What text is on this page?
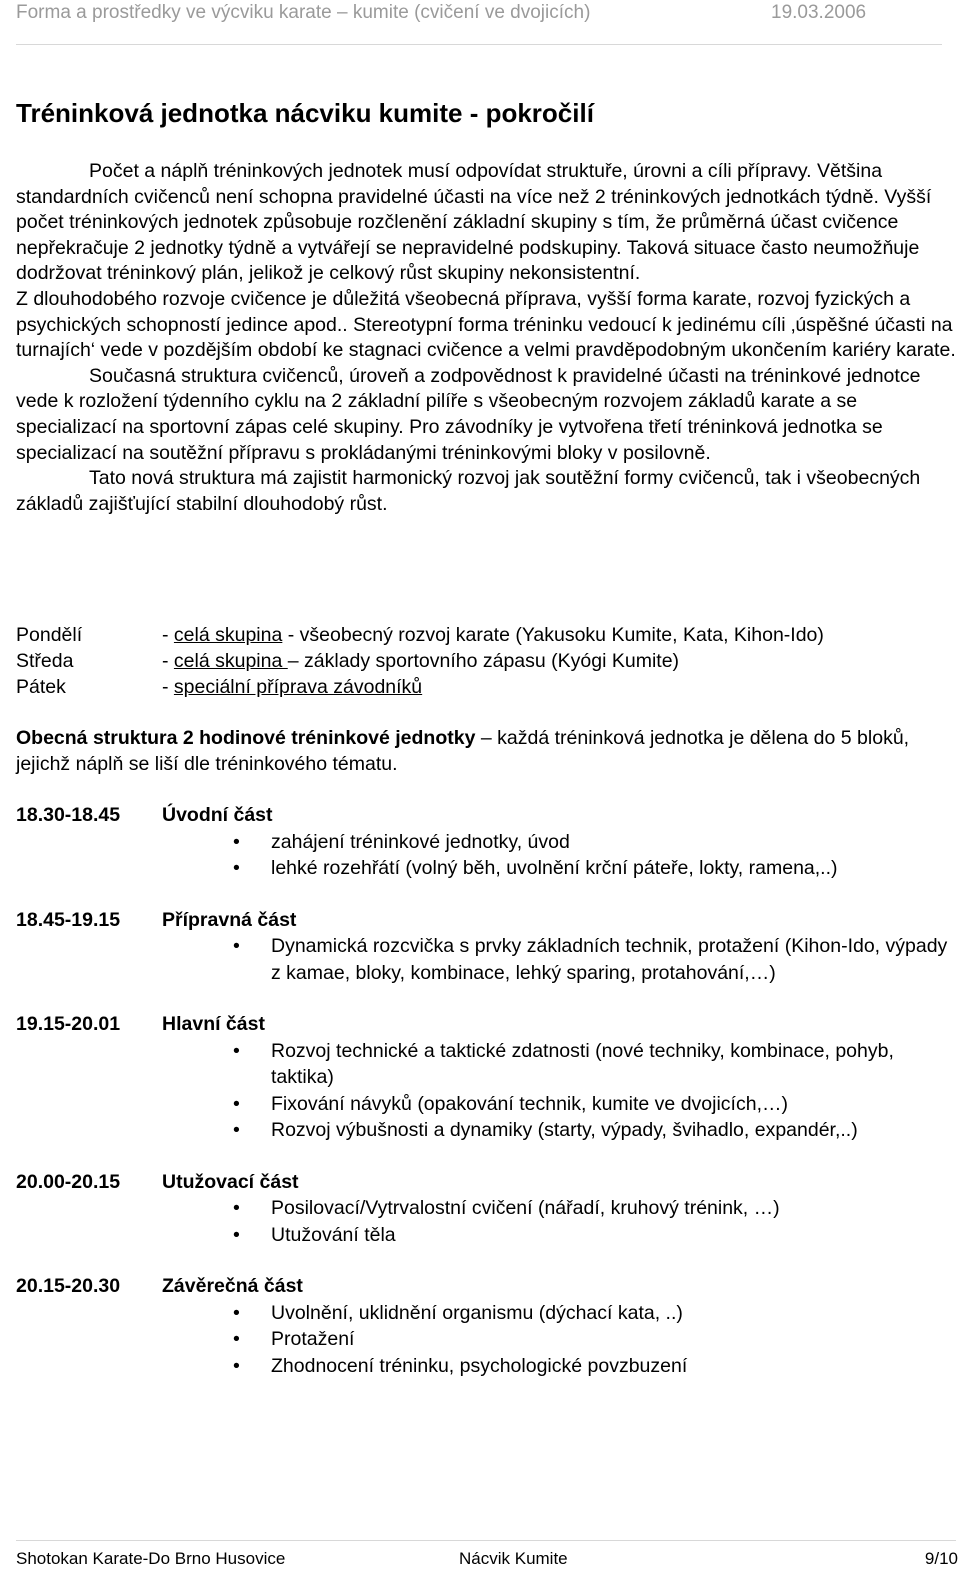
Forma a prostředky ve výcviku karate – kumite (cvičení ve dvojicích)	19.03.2006
Tréninková jednotka nácviku kumite - pokročilí

Počet a náplň tréninkových jednotek musí odpovídat struktuře, úrovni a cíli přípravy. Většina standardních cvičenců není schopna pravidelné účasti na více než 2 tréninkových jednotkách týdně. Vyšší počet tréninkových jednotek způsobuje rozčlenění základní skupiny s tím, že průměrná účast cvičence nepřekračuje 2 jednotky týdně a vytvářejí se nepravidelné podskupiny. Taková situace často neumožňuje dodržovat tréninkový plán, jelikož je celkový růst skupiny nekonsistentní.

Z dlouhodobého rozvoje cvičence je důležitá všeobecná příprava, vyšší forma karate, rozvoj fyzických a psychických schopností jedince apod.. Stereotypní forma tréninku vedoucí k jedinému cíli ‚úspěšné účasti na turnajích‘ vede v pozdějším období ke stagnaci cvičence a velmi pravděpodobným ukončením kariéry karate.

Současná struktura cvičenců, úroveň a zodpovědnost k pravidelné účasti na tréninkové jednotce vede k rozložení týdenního cyklu na 2 základní pilíře s všeobecným rozvojem základů karate a se specializací na sportovní zápas celé skupiny. Pro závodníky je vytvořena třetí tréninková jednotka se specializací na soutěžní přípravu s prokládanými tréninkovými bloky v posilovně.

Tato nová struktura má zajistit harmonický rozvoj jak soutěžní formy cvičenců, tak i všeobecných základů zajišťující stabilní dlouhodobý růst.

Pondělí	- celá skupina - všeobecný rozvoj karate (Yakusoku Kumite, Kata, Kihon-Ido)
Středa	- celá skupina – základy sportovního zápasu (Kyógi Kumite)
Pátek	- speciální příprava závodníků
Obecná struktura 2 hodinové tréninkové jednotky – každá tréninková jednotka je dělena do 5 bloků, jejichž náplň se liší dle tréninkového tématu.
18.30-18.45 Úvodní část
• zahájení tréninkové jednotky, úvod
• lehké rozehřátí (volný běh, uvolnění krční páteře, lokty, ramena,..)
18.45-19.15 Přípravná část
• Dynamická rozcvička s prvky základních technik, protažení (Kihon-Ido, výpady z kamae, bloky, kombinace, lehký sparing, protahování,…)
19.15-20.01 Hlavní část
• Rozvoj technické a taktické zdatnosti (nové techniky, kombinace, pohyb, taktika)
• Fixování návyků (opakování technik, kumite ve dvojicích,…)
• Rozvoj výbušnosti a dynamiky (starty, výpady, švihadlo, expandér,..)
20.00-20.15 Utužovací část
• Posilovací/Vytrvalostní cvičení (nářadí, kruhový trénink, …)
• Utužování těla
20.15-20.30 Závěrečná část
• Uvolnění, uklidnění organismu (dýchací kata, ..)
• Protažení
• Zhodnocení tréninku, psychologické povzbuzení
Shotokan Karate-Do Brno Husovice	Nácvik Kumite	9/10
